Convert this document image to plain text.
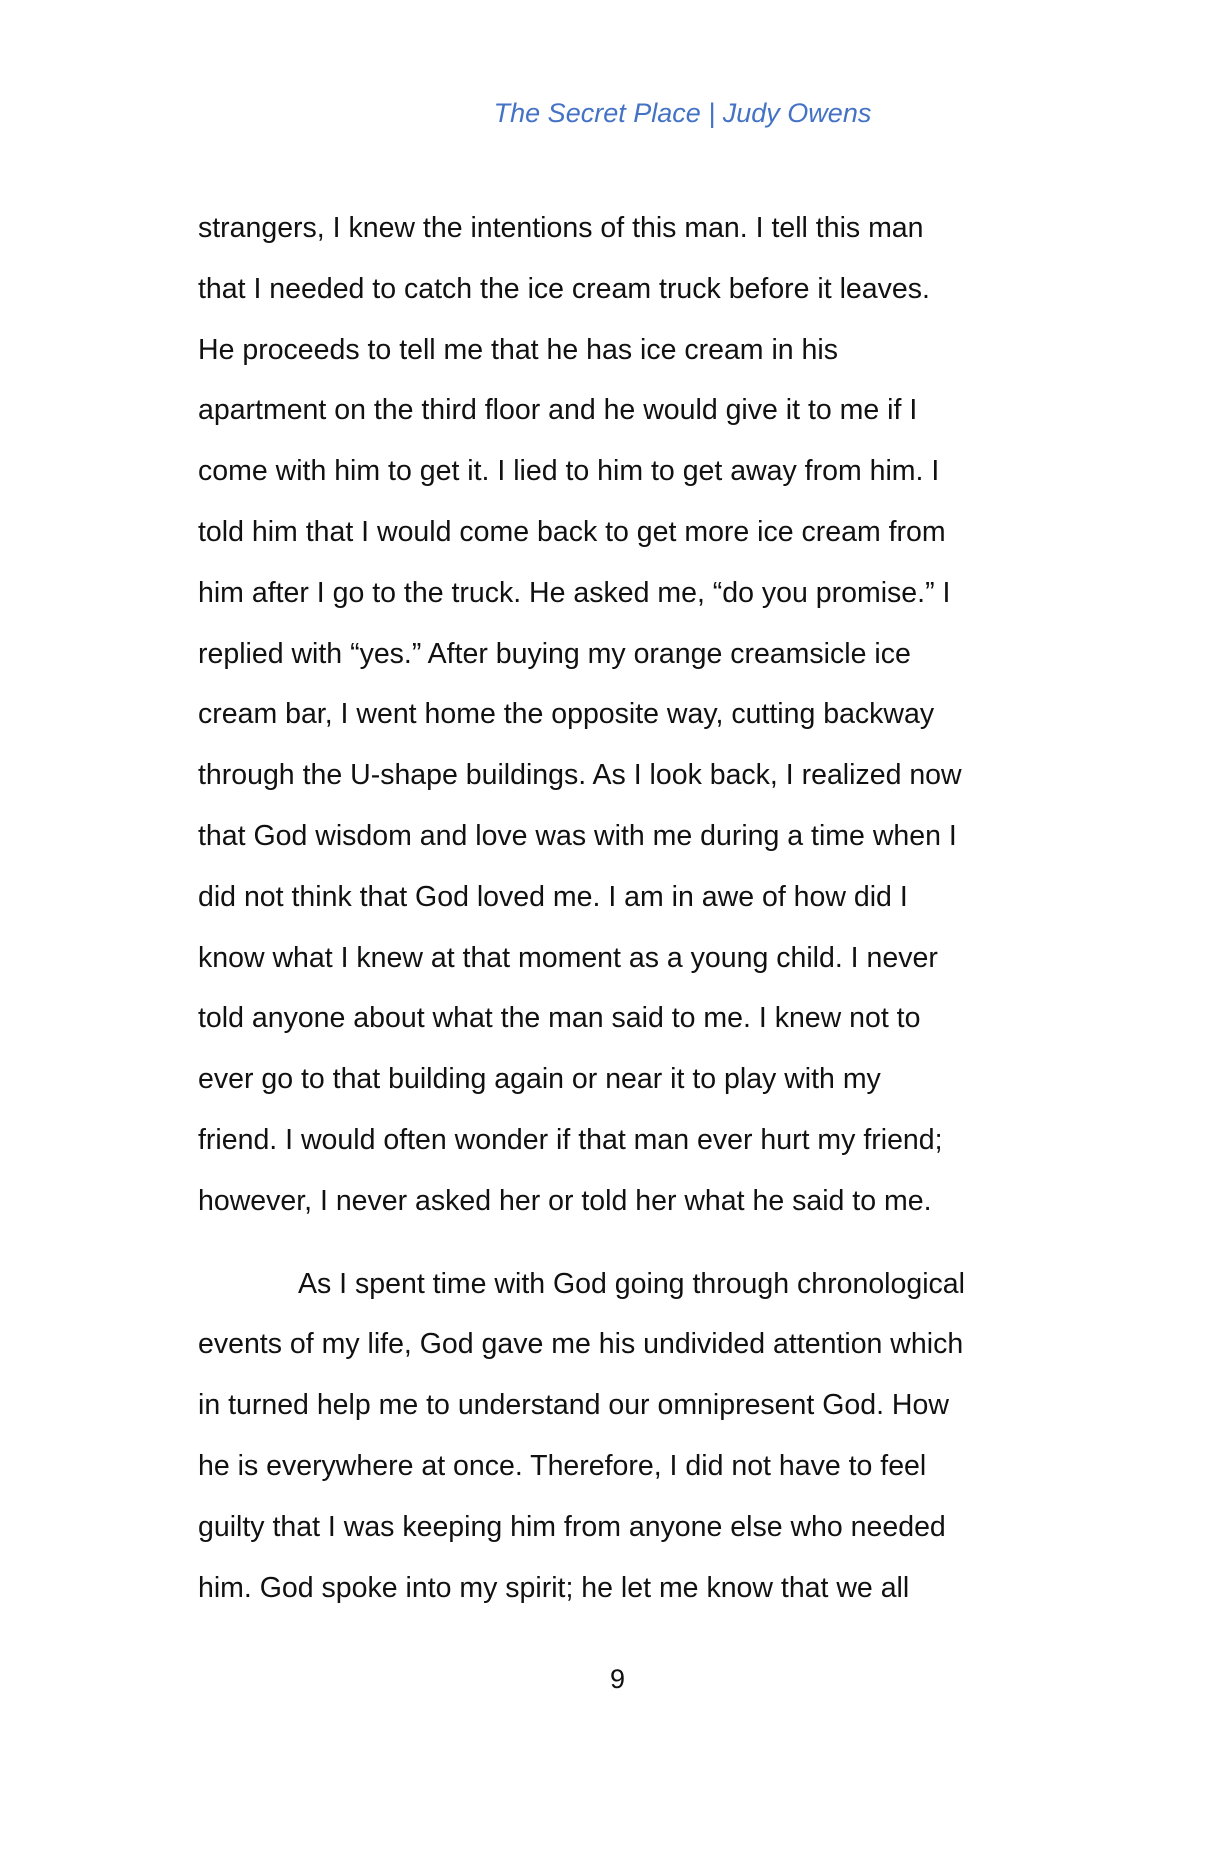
The Secret Place | Judy Owens
strangers, I knew the intentions of this man. I tell this man
that I needed to catch the ice cream truck before it leaves.
He proceeds to tell me that he has ice cream in his
apartment on the third floor and he would give it to me if I
come with him to get it. I lied to him to get away from him. I
told him that I would come back to get more ice cream from
him after I go to the truck. He asked me, “do you promise.” I
replied with “yes.” After buying my orange creamsicle ice
cream bar, I went home the opposite way, cutting backway
through the U-shape buildings. As I look back, I realized now
that God wisdom and love was with me during a time when I
did not think that God loved me. I am in awe of how did I
know what I knew at that moment as a young child. I never
told anyone about what the man said to me. I knew not to
ever go to that building again or near it to play with my
friend. I would often wonder if that man ever hurt my friend;
however, I never asked her or told her what he said to me.
As I spent time with God going through chronological
events of my life, God gave me his undivided attention which
in turned help me to understand our omnipresent God. How
he is everywhere at once. Therefore, I did not have to feel
guilty that I was keeping him from anyone else who needed
him. God spoke into my spirit; he let me know that we all
9
